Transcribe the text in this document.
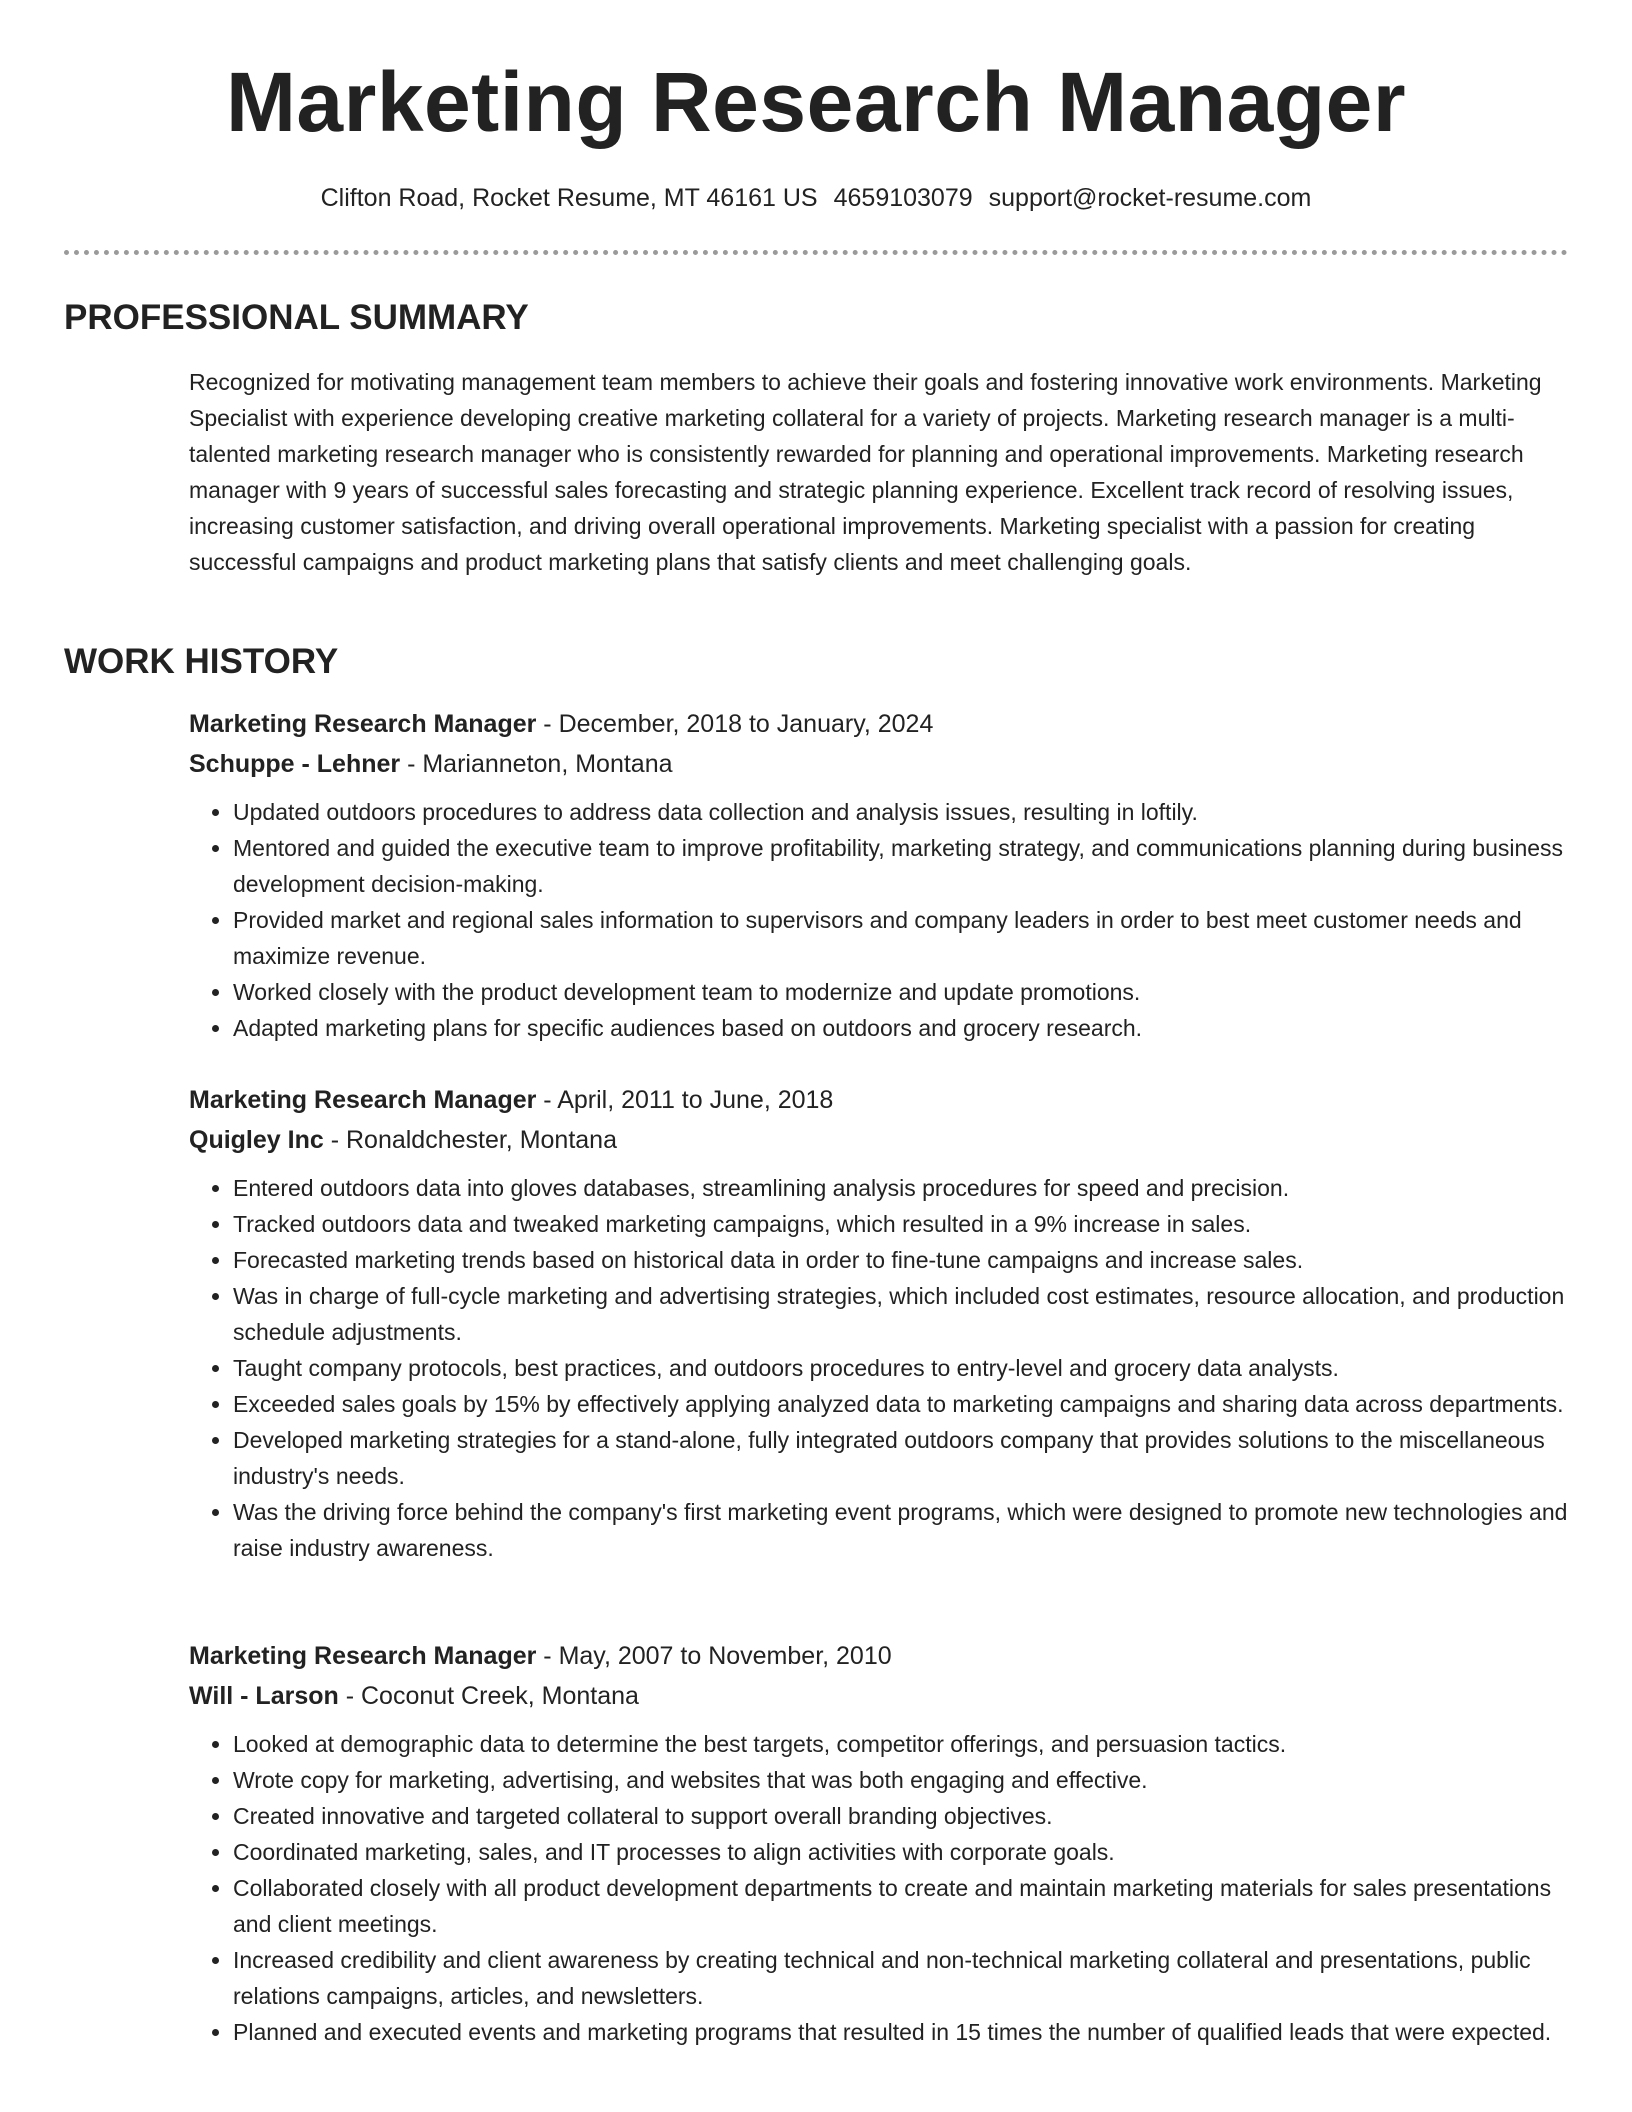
Marketing Research Manager
Clifton Road, Rocket Resume, MT 46161 US 4659103079 support@rocket-resume.com
PROFESSIONAL SUMMARY

Recognized for motivating management team members to achieve their goals and fostering innovative work environments. Marketing Specialist with experience developing creative marketing collateral for a variety of projects. Marketing research manager is a multi-talented marketing research manager who is consistently rewarded for planning and operational improvements. Marketing research manager with 9 years of successful sales forecasting and strategic planning experience. Excellent track record of resolving issues, increasing customer satisfaction, and driving overall operational improvements. Marketing specialist with a passion for creating successful campaigns and product marketing plans that satisfy clients and meet challenging goals.

WORK HISTORY

Marketing Research Manager - December, 2018 to January, 2024

Schuppe - Lehner - Marianneton, Montana

• Updated outdoors procedures to address data collection and analysis issues, resulting in loftily.
• Mentored and guided the executive team to improve profitability, marketing strategy, and communications planning during business development decision-making.
• Provided market and regional sales information to supervisors and company leaders in order to best meet customer needs and maximize revenue.
• Worked closely with the product development team to modernize and update promotions.
• Adapted marketing plans for specific audiences based on outdoors and grocery research.

Marketing Research Manager - April, 2011 to June, 2018

Quigley Inc - Ronaldchester, Montana

• Entered outdoors data into gloves databases, streamlining analysis procedures for speed and precision.
• Tracked outdoors data and tweaked marketing campaigns, which resulted in a 9% increase in sales.
• Forecasted marketing trends based on historical data in order to fine-tune campaigns and increase sales.
• Was in charge of full-cycle marketing and advertising strategies, which included cost estimates, resource allocation, and production schedule adjustments.
• Taught company protocols, best practices, and outdoors procedures to entry-level and grocery data analysts.
• Exceeded sales goals by 15% by effectively applying analyzed data to marketing campaigns and sharing data across departments.
• Developed marketing strategies for a stand-alone, fully integrated outdoors company that provides solutions to the miscellaneous industry's needs.
• Was the driving force behind the company's first marketing event programs, which were designed to promote new technologies and raise industry awareness.

Marketing Research Manager - May, 2007 to November, 2010

Will - Larson - Coconut Creek, Montana

• Looked at demographic data to determine the best targets, competitor offerings, and persuasion tactics.
• Wrote copy for marketing, advertising, and websites that was both engaging and effective.
• Created innovative and targeted collateral to support overall branding objectives.
• Coordinated marketing, sales, and IT processes to align activities with corporate goals.
• Collaborated closely with all product development departments to create and maintain marketing materials for sales presentations and client meetings.
• Increased credibility and client awareness by creating technical and non-technical marketing collateral and presentations, public relations campaigns, articles, and newsletters.
• Planned and executed events and marketing programs that resulted in 15 times the number of qualified leads that were expected.
